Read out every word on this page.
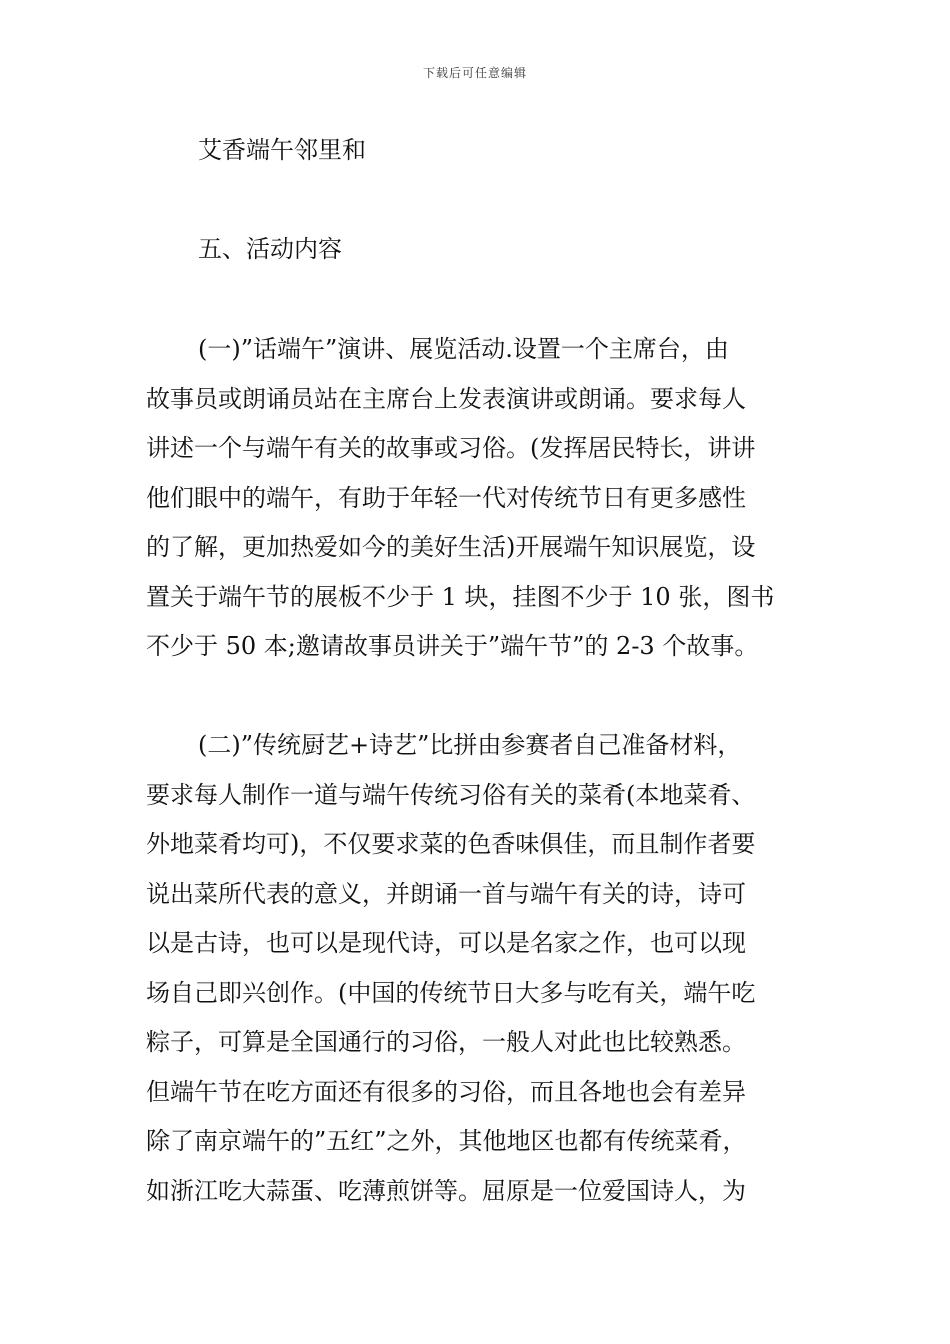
下载后可任意编辑
艾香端午邻里和
五、活动内容
(一)”话端午”演讲、展览活动.设置一个主席台，由
故事员或朗诵员站在主席台上发表演讲或朗诵。要求每人
讲述一个与端午有关的故事或习俗。(发挥居民特长，讲讲
他们眼中的端午，有助于年轻一代对传统节日有更多感性
的了解，更加热爱如今的美好生活)开展端午知识展览，设
置关于端午节的展板不少于 1 块，挂图不少于 10 张，图书
不少于 50 本;邀请故事员讲关于”端午节”的 2-3 个故事。
(二)”传统厨艺+诗艺”比拼由参赛者自己准备材料，
要求每人制作一道与端午传统习俗有关的菜肴(本地菜肴、
外地菜肴均可)，不仅要求菜的色香味俱佳，而且制作者要
说出菜所代表的意义，并朗诵一首与端午有关的诗，诗可
以是古诗，也可以是现代诗，可以是名家之作，也可以现
场自己即兴创作。(中国的传统节日大多与吃有关，端午吃
粽子，可算是全国通行的习俗，一般人对此也比较熟悉。
但端午节在吃方面还有很多的习俗，而且各地也会有差异
除了南京端午的”五红”之外，其他地区也都有传统菜肴，
如浙江吃大蒜蛋、吃薄煎饼等。屈原是一位爱国诗人，为
